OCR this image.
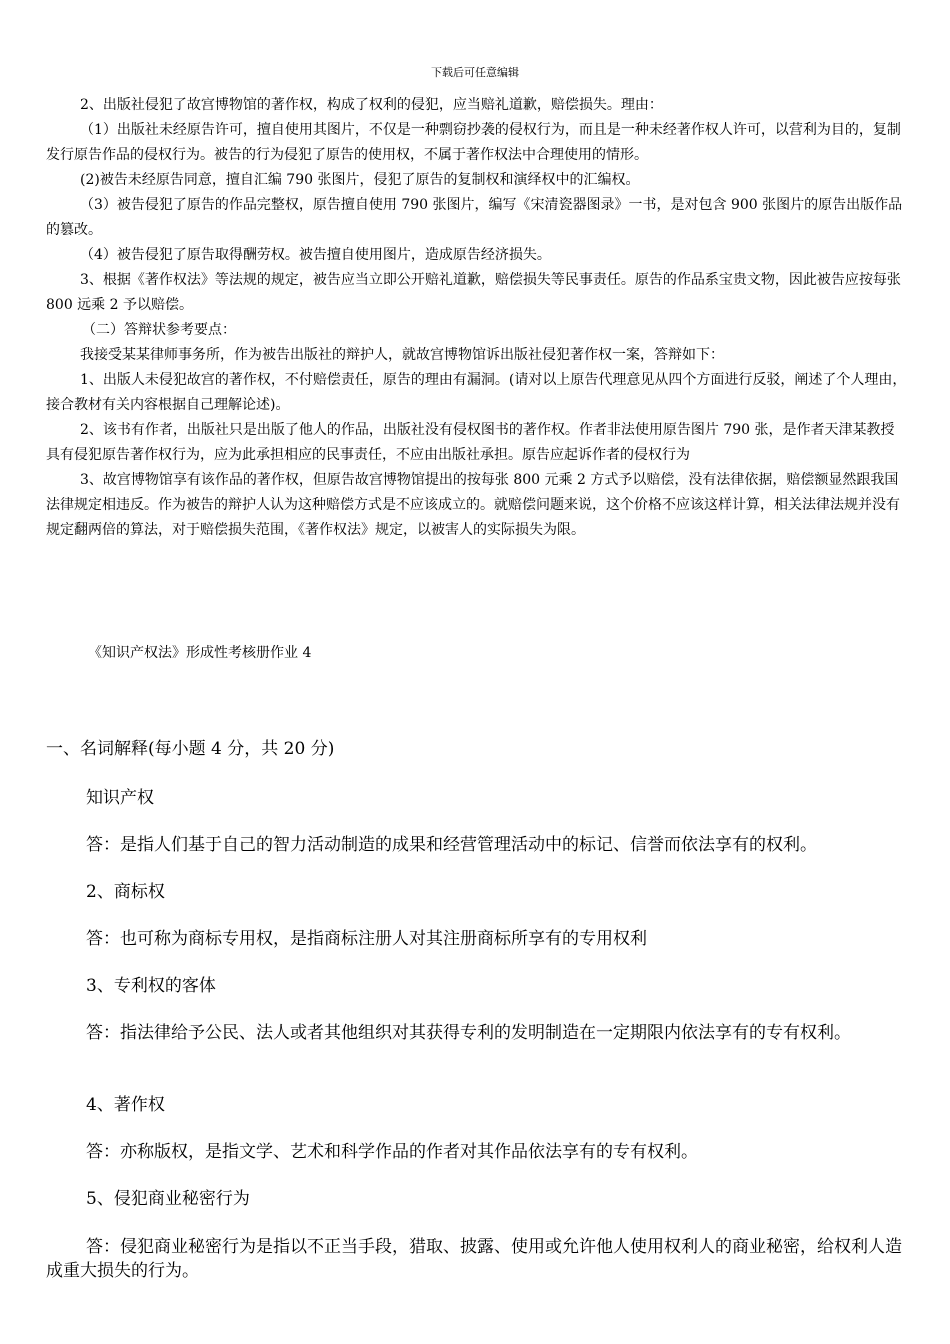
下载后可任意编辑

2、出版社侵犯了故宫博物馆的著作权，构成了权利的侵犯，应当赔礼道歉，赔偿损失。理由：

（1）出版社未经原告许可，擅自使用其图片，不仅是一种剽窃抄袭的侵权行为，而且是一种未经著作权人许可，以营利为目的，复制发行原告作品的侵权行为。被告的行为侵犯了原告的使用权，不属于著作权法中合理使用的情形。

(2)被告未经原告同意，擅自汇编 790 张图片，侵犯了原告的复制权和演绎权中的汇编权。

（3）被告侵犯了原告的作品完整权，原告擅自使用 790 张图片，编写《宋清瓷器图录》一书，是对包含 900 张图片的原告出版作品的篡改。

（4）被告侵犯了原告取得酬劳权。被告擅自使用图片，造成原告经济损失。

3、根据《著作权法》等法规的规定，被告应当立即公开赔礼道歉，赔偿损失等民事责任。原告的作品系宝贵文物，因此被告应按每张 800 远乘 2 予以赔偿。

（二）答辩状参考要点：

我接受某某律师事务所，作为被告出版社的辩护人，就故宫博物馆诉出版社侵犯著作权一案，答辩如下：

1、出版人未侵犯故宫的著作权，不付赔偿责任，原告的理由有漏洞。(请对以上原告代理意见从四个方面进行反驳，阐述了个人理由，接合教材有关内容根据自己理解论述)。

2、该书有作者，出版社只是出版了他人的作品，出版社没有侵权图书的著作权。作者非法使用原告图片 790 张，是作者天津某教授具有侵犯原告著作权行为，应为此承担相应的民事责任，不应由出版社承担。原告应起诉作者的侵权行为

3、故宫博物馆享有该作品的著作权，但原告故宫博物馆提出的按每张 800 元乘 2 方式予以赔偿，没有法律依据，赔偿额显然跟我国法律规定相违反。作为被告的辩护人认为这种赔偿方式是不应该成立的。就赔偿问题来说，这个价格不应该这样计算，相关法律法规并没有规定翻两倍的算法，对于赔偿损失范围，《著作权法》规定，以被害人的实际损失为限。

《知识产权法》形成性考核册作业 4
一、名词解释(每小题 4 分，共 20 分)
知识产权
答：是指人们基于自己的智力活动制造的成果和经营管理活动中的标记、信誉而依法享有的权利。
2、商标权
答：也可称为商标专用权，是指商标注册人对其注册商标所享有的专用权利
3、专利权的客体
答：指法律给予公民、法人或者其他组织对其获得专利的发明制造在一定期限内依法享有的专有权利。
4、著作权
答：亦称版权，是指文学、艺术和科学作品的作者对其作品依法享有的专有权利。
5、侵犯商业秘密行为
答：侵犯商业秘密行为是指以不正当手段，猎取、披露、使用或允许他人使用权利人的商业秘密，给权利人造成重大损失的行为。
